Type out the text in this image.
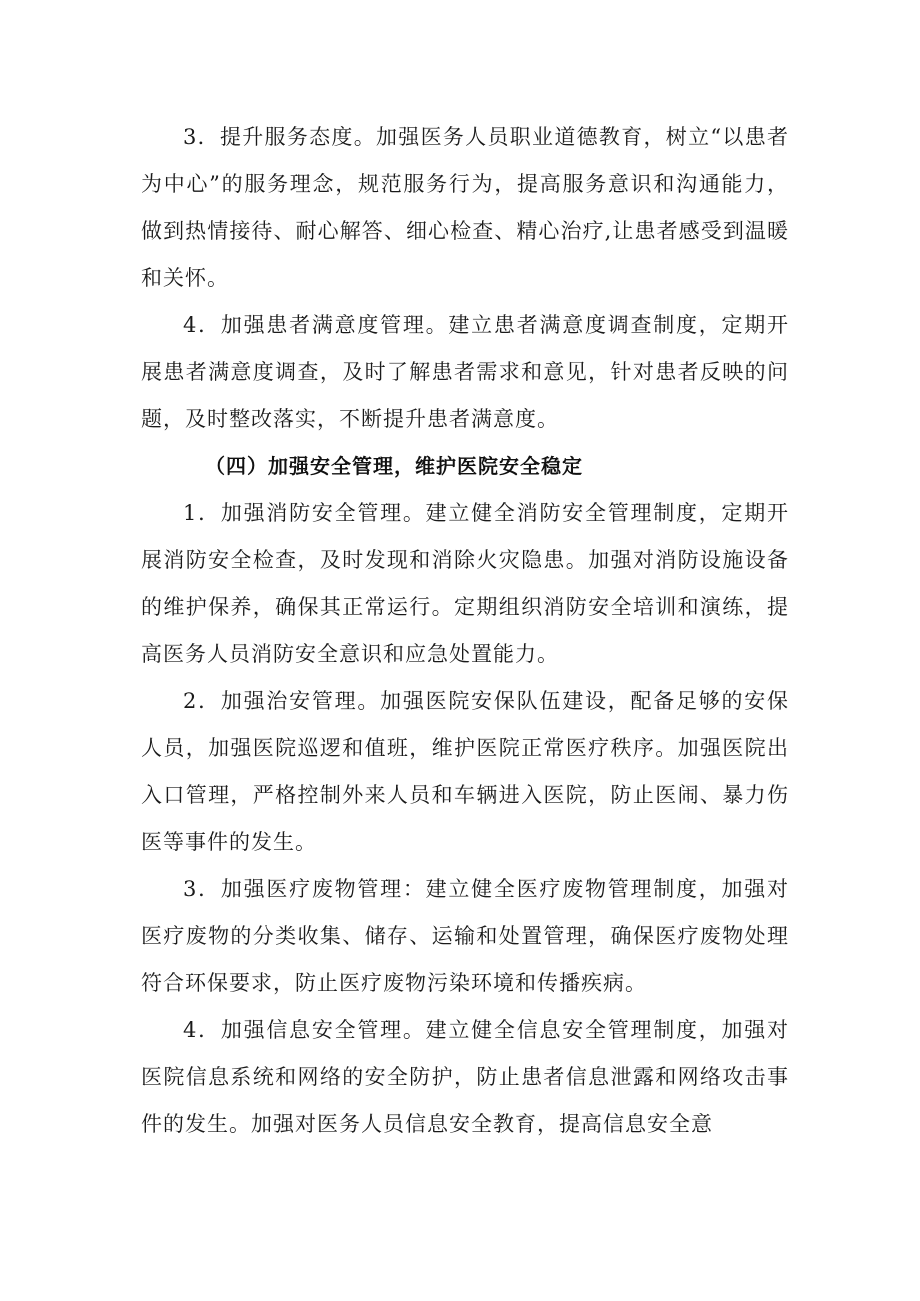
3．提升服务态度。加强医务人员职业道德教育，树立“以患者为中心”的服务理念，规范服务行为，提高服务意识和沟通能力，做到热情接待、耐心解答、细心检查、精心治疗,让患者感受到温暖和关怀。

4．加强患者满意度管理。建立患者满意度调查制度，定期开展患者满意度调查，及时了解患者需求和意见，针对患者反映的问题，及时整改落实，不断提升患者满意度。

（四）加强安全管理，维护医院安全稳定

1．加强消防安全管理。建立健全消防安全管理制度，定期开展消防安全检查，及时发现和消除火灾隐患。加强对消防设施设备的维护保养，确保其正常运行。定期组织消防安全培训和演练，提高医务人员消防安全意识和应急处置能力。

2．加强治安管理。加强医院安保队伍建设，配备足够的安保人员，加强医院巡逻和值班，维护医院正常医疗秩序。加强医院出入口管理，严格控制外来人员和车辆进入医院，防止医闹、暴力伤医等事件的发生。

3．加强医疗废物管理：建立健全医疗废物管理制度，加强对医疗废物的分类收集、储存、运输和处置管理，确保医疗废物处理符合环保要求，防止医疗废物污染环境和传播疾病。

4．加强信息安全管理。建立健全信息安全管理制度，加强对医院信息系统和网络的安全防护，防止患者信息泄露和网络攻击事件的发生。加强对医务人员信息安全教育，提高信息安全意
